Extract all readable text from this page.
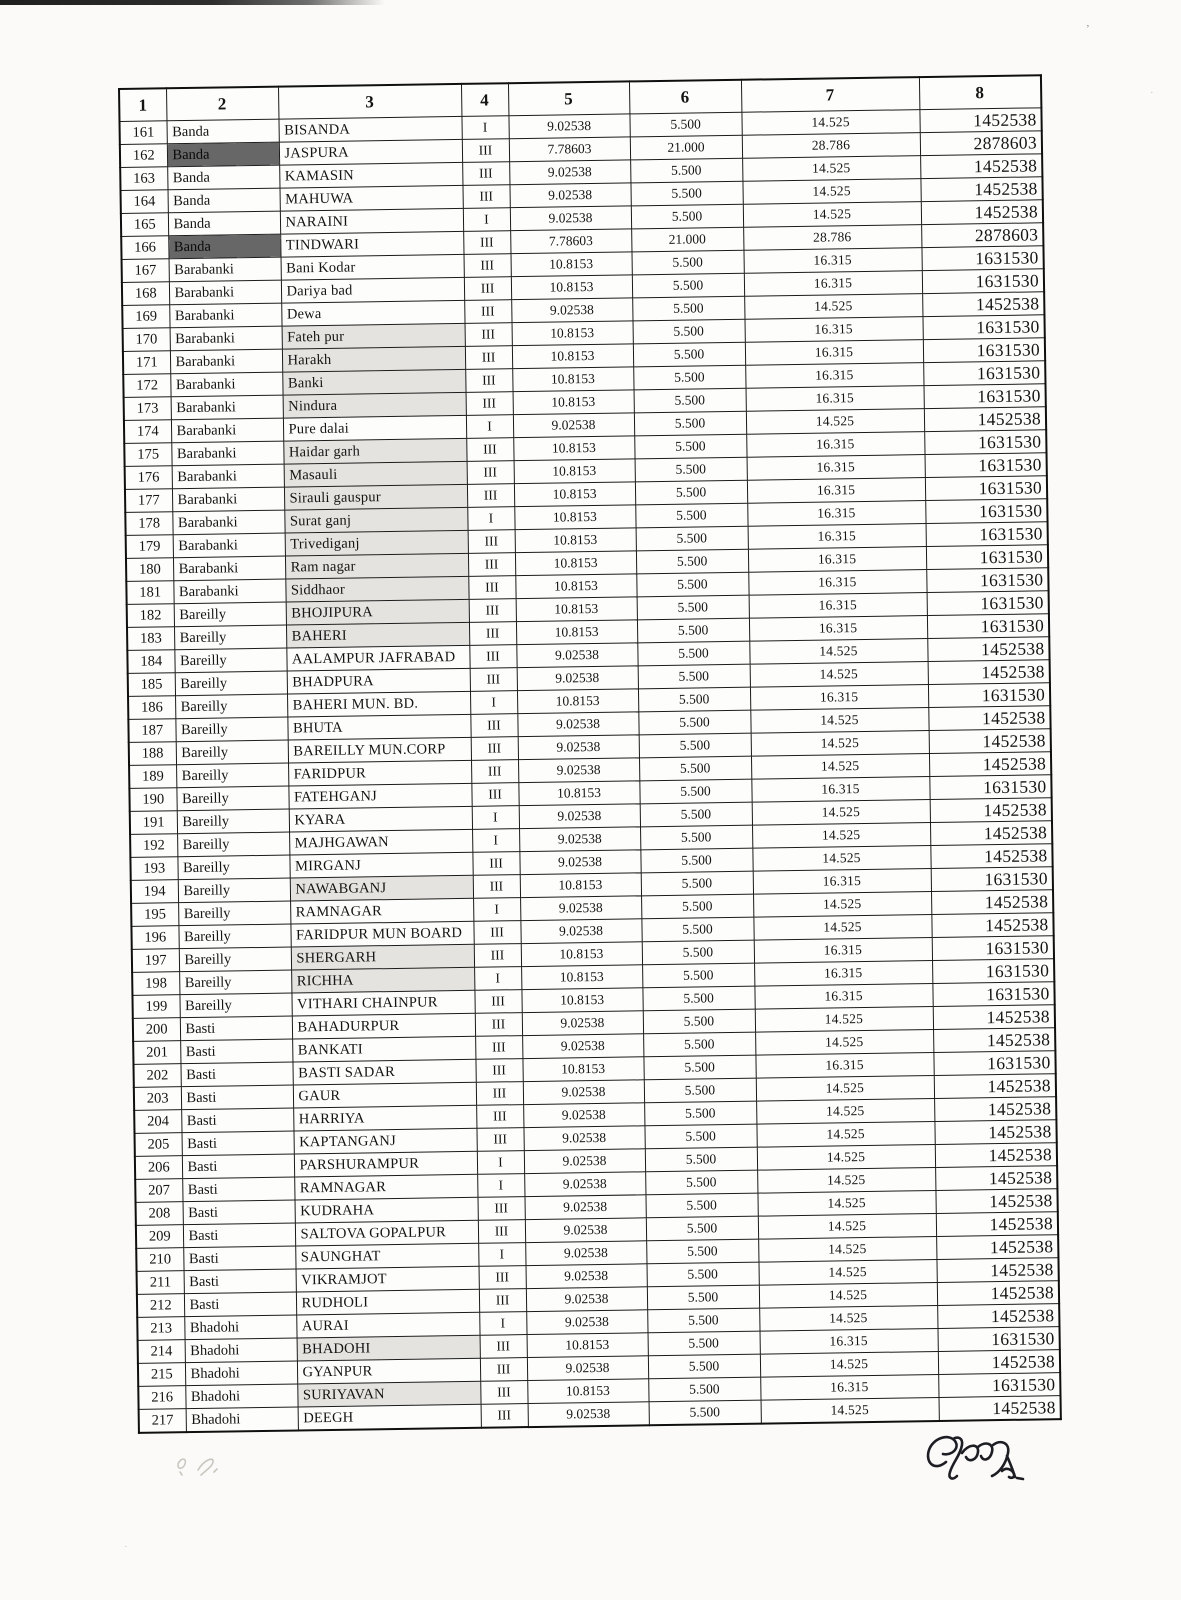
’
·
·
1	2	3	4	5	6	7	8
161	Banda	BISANDA	I	9.02538	5.500	14.525	1452538
162	Banda	JASPURA	III	7.78603	21.000	28.786	2878603
163	Banda	KAMASIN	III	9.02538	5.500	14.525	1452538
164	Banda	MAHUWA	III	9.02538	5.500	14.525	1452538
165	Banda	NARAINI	I	9.02538	5.500	14.525	1452538
166	Banda	TINDWARI	III	7.78603	21.000	28.786	2878603
167	Barabanki	Bani Kodar	III	10.8153	5.500	16.315	1631530
168	Barabanki	Dariya bad	III	10.8153	5.500	16.315	1631530
169	Barabanki	Dewa	III	9.02538	5.500	14.525	1452538
170	Barabanki	Fateh pur	III	10.8153	5.500	16.315	1631530
171	Barabanki	Harakh	III	10.8153	5.500	16.315	1631530
172	Barabanki	Banki	III	10.8153	5.500	16.315	1631530
173	Barabanki	Nindura	III	10.8153	5.500	16.315	1631530
174	Barabanki	Pure dalai	I	9.02538	5.500	14.525	1452538
175	Barabanki	Haidar garh	III	10.8153	5.500	16.315	1631530
176	Barabanki	Masauli	III	10.8153	5.500	16.315	1631530
177	Barabanki	Sirauli gauspur	III	10.8153	5.500	16.315	1631530
178	Barabanki	Surat ganj	I	10.8153	5.500	16.315	1631530
179	Barabanki	Trivediganj	III	10.8153	5.500	16.315	1631530
180	Barabanki	Ram nagar	III	10.8153	5.500	16.315	1631530
181	Barabanki	Siddhaor	III	10.8153	5.500	16.315	1631530
182	Bareilly	BHOJIPURA	III	10.8153	5.500	16.315	1631530
183	Bareilly	BAHERI	III	10.8153	5.500	16.315	1631530
184	Bareilly	AALAMPUR JAFRABAD	III	9.02538	5.500	14.525	1452538
185	Bareilly	BHADPURA	III	9.02538	5.500	14.525	1452538
186	Bareilly	BAHERI MUN. BD.	I	10.8153	5.500	16.315	1631530
187	Bareilly	BHUTA	III	9.02538	5.500	14.525	1452538
188	Bareilly	BAREILLY MUN.CORP	III	9.02538	5.500	14.525	1452538
189	Bareilly	FARIDPUR	III	9.02538	5.500	14.525	1452538
190	Bareilly	FATEHGANJ	III	10.8153	5.500	16.315	1631530
191	Bareilly	KYARA	I	9.02538	5.500	14.525	1452538
192	Bareilly	MAJHGAWAN	I	9.02538	5.500	14.525	1452538
193	Bareilly	MIRGANJ	III	9.02538	5.500	14.525	1452538
194	Bareilly	NAWABGANJ	III	10.8153	5.500	16.315	1631530
195	Bareilly	RAMNAGAR	I	9.02538	5.500	14.525	1452538
196	Bareilly	FARIDPUR MUN BOARD	III	9.02538	5.500	14.525	1452538
197	Bareilly	SHERGARH	III	10.8153	5.500	16.315	1631530
198	Bareilly	RICHHA	I	10.8153	5.500	16.315	1631530
199	Bareilly	VITHARI CHAINPUR	III	10.8153	5.500	16.315	1631530
200	Basti	BAHADURPUR	III	9.02538	5.500	14.525	1452538
201	Basti	BANKATI	III	9.02538	5.500	14.525	1452538
202	Basti	BASTI SADAR	III	10.8153	5.500	16.315	1631530
203	Basti	GAUR	III	9.02538	5.500	14.525	1452538
204	Basti	HARRIYA	III	9.02538	5.500	14.525	1452538
205	Basti	KAPTANGANJ	III	9.02538	5.500	14.525	1452538
206	Basti	PARSHURAMPUR	I	9.02538	5.500	14.525	1452538
207	Basti	RAMNAGAR	I	9.02538	5.500	14.525	1452538
208	Basti	KUDRAHA	III	9.02538	5.500	14.525	1452538
209	Basti	SALTOVA GOPALPUR	III	9.02538	5.500	14.525	1452538
210	Basti	SAUNGHAT	I	9.02538	5.500	14.525	1452538
211	Basti	VIKRAMJOT	III	9.02538	5.500	14.525	1452538
212	Basti	RUDHOLI	III	9.02538	5.500	14.525	1452538
213	Bhadohi	AURAI	I	9.02538	5.500	14.525	1452538
214	Bhadohi	BHADOHI	III	10.8153	5.500	16.315	1631530
215	Bhadohi	GYANPUR	III	9.02538	5.500	14.525	1452538
216	Bhadohi	SURIYAVAN	III	10.8153	5.500	16.315	1631530
217	Bhadohi	DEEGH	III	9.02538	5.500	14.525	1452538
